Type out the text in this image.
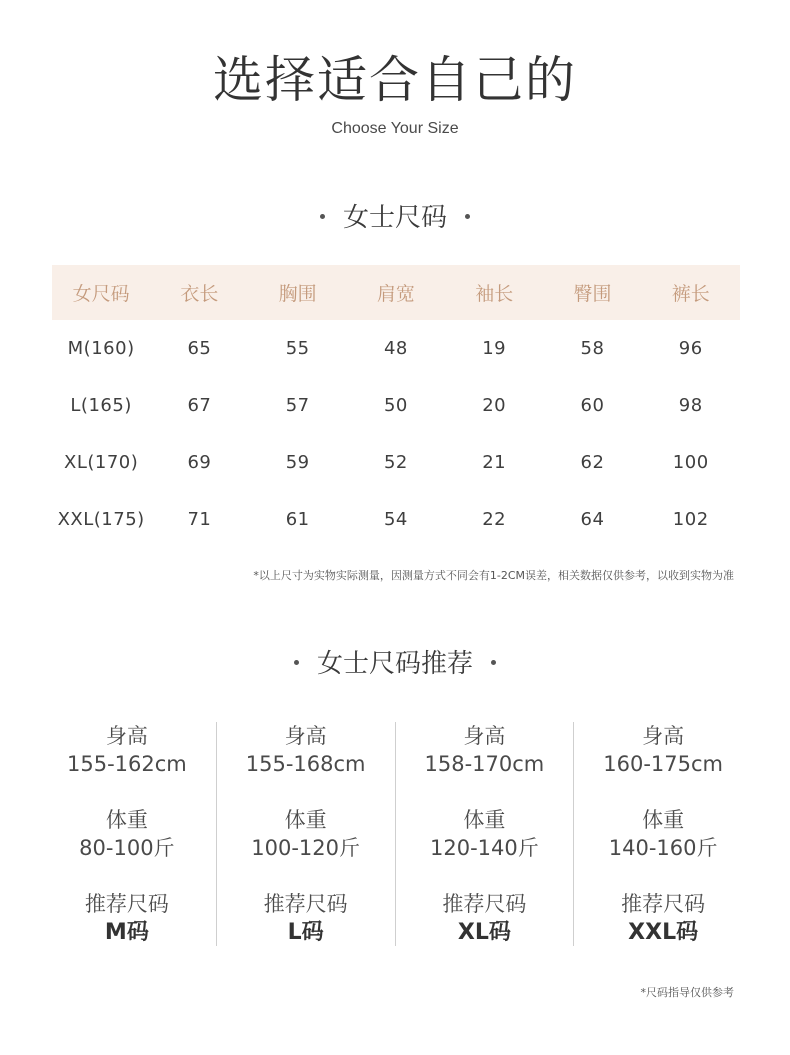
选择适合自己的
Choose Your Size
女士尺码
女尺码	衣长	胸围	肩宽	袖长	臀围	裤长
M(160)	65	55	48	19	58	96
L(165)	67	57	50	20	60	98
XL(170)	69	59	52	21	62	100
XXL(175)	71	61	54	22	64	102
*以上尺寸为实物实际测量，因测量方式不同会有1-2CM误差，相关数据仅供参考，以收到实物为准
女士尺码推荐
身高
155-162cm
体重
80-100斤
推荐尺码
M码
身高
155-168cm
体重
100-120斤
推荐尺码
L码
身高
158-170cm
体重
120-140斤
推荐尺码
XL码
身高
160-175cm
体重
140-160斤
推荐尺码
XXL码
*尺码指导仅供参考
